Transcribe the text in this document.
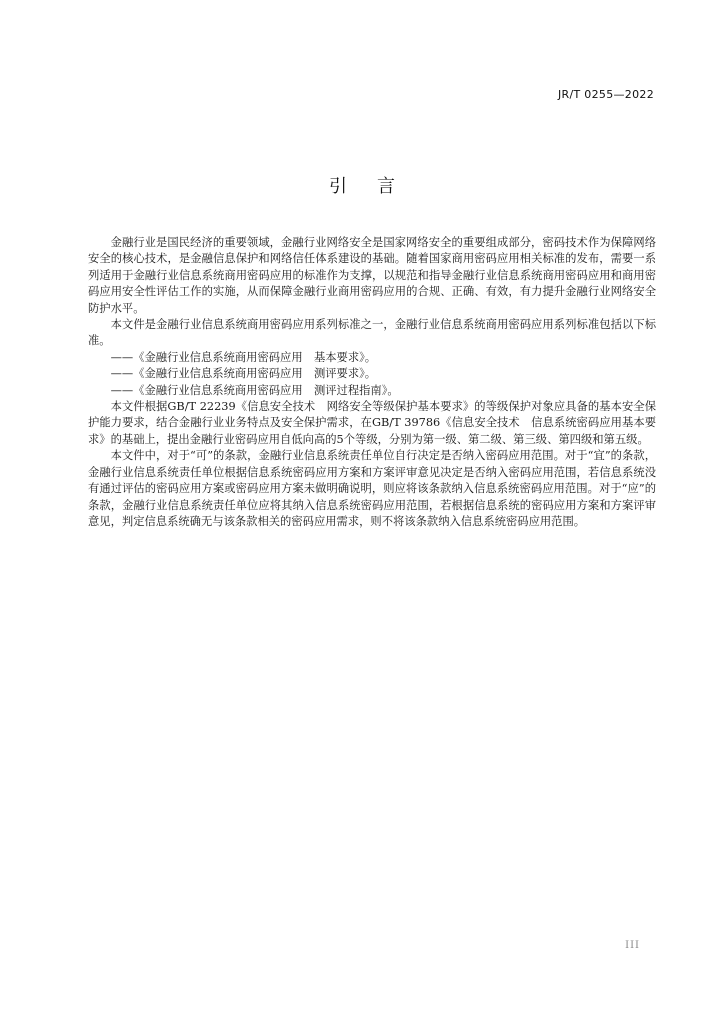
JR/T 0255—2022
引言

金融行业是国民经济的重要领域，金融行业网络安全是国家网络安全的重要组成部分，密码技术作为保障网络安全的核心技术，是金融信息保护和网络信任体系建设的基础。随着国家商用密码应用相关标准的发布，需要一系列适用于金融行业信息系统商用密码应用的标准作为支撑，以规范和指导金融行业信息系统商用密码应用和商用密码应用安全性评估工作的实施，从而保障金融行业商用密码应用的合规、正确、有效，有力提升金融行业网络安全防护水平。

本文件是金融行业信息系统商用密码应用系列标准之一，金融行业信息系统商用密码应用系列标准包括以下标准。

——《金融行业信息系统商用密码应用　基本要求》。

——《金融行业信息系统商用密码应用　测评要求》。

——《金融行业信息系统商用密码应用　测评过程指南》。

本文件根据GB/T 22239《信息安全技术　网络安全等级保护基本要求》的等级保护对象应具备的基本安全保护能力要求，结合金融行业业务特点及安全保护需求，在GB/T 39786《信息安全技术　信息系统密码应用基本要求》的基础上，提出金融行业密码应用自低向高的5个等级，分别为第一级、第二级、第三级、第四级和第五级。

本文件中，对于“可”的条款，金融行业信息系统责任单位自行决定是否纳入密码应用范围。对于“宜”的条款，金融行业信息系统责任单位根据信息系统密码应用方案和方案评审意见决定是否纳入密码应用范围，若信息系统没有通过评估的密码应用方案或密码应用方案未做明确说明，则应将该条款纳入信息系统密码应用范围。对于“应”的条款，金融行业信息系统责任单位应将其纳入信息系统密码应用范围，若根据信息系统的密码应用方案和方案评审意见，判定信息系统确无与该条款相关的密码应用需求，则不将该条款纳入信息系统密码应用范围。

III
